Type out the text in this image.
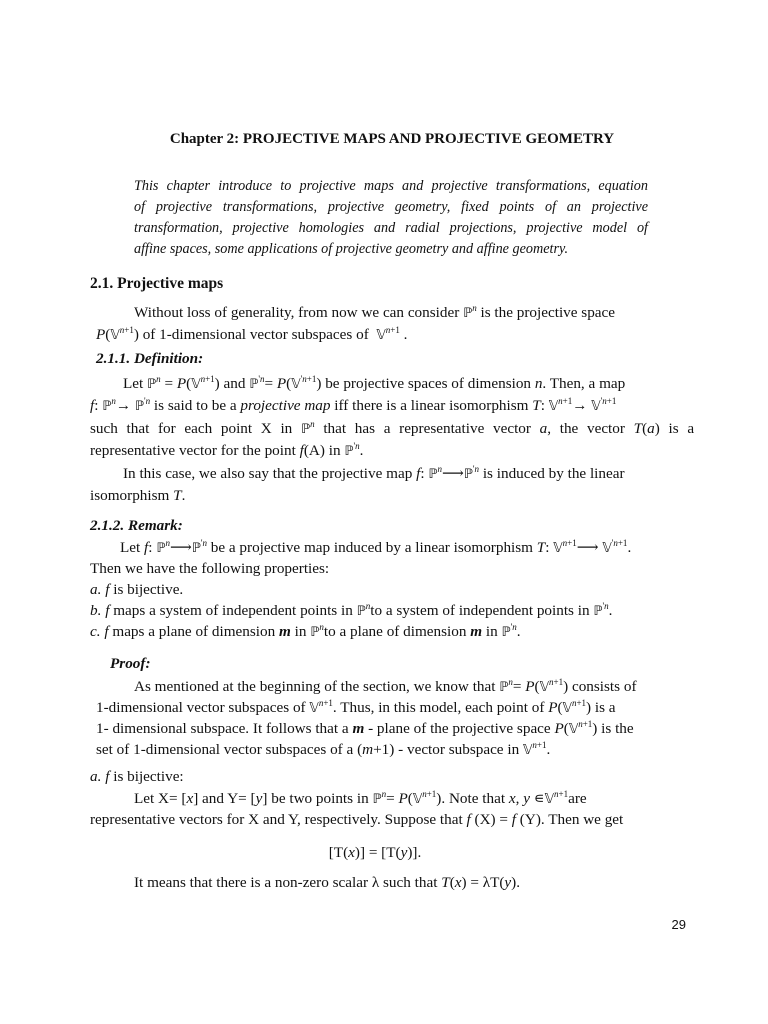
Chapter 2: PROJECTIVE MAPS AND PROJECTIVE GEOMETRY
This chapter introduce to projective maps and projective transformations, equation
of projective transformations, projective geometry, fixed points of an projective
transformation, projective homologies and radial projections, projective model of
affine spaces, some applications of projective geometry and affine geometry.
2.1. Projective maps
Without loss of generality, from now we can consider ℙ$^n$ is the projective space
P(𝕍$^{n+1}$) of 1-dimensional vector subspaces of 𝕍$^{n+1}$ .
2.1.1. Definition:
Let ℙ$^n$ = P(𝕍$^{n+1}$) and ℙ$^{'n}$= P(𝕍$^{'n+1}$) be projective spaces of dimension n. Then, a map
f: ℙ$^n$→ ℙ$^{'n}$ is said to be a projective map iff there is a linear isomorphism T: 𝕍$^{n+1}$→ 𝕍$^{'n+1}$
such that for each point X in ℙ$^n$ that has a representative vector a, the vector T(a) is a
representative vector for the point f(A) in ℙ$^{'n}$.
In this case, we also say that the projective map f: ℙ$^n$⟶ℙ$^{'n}$ is induced by the linear
isomorphism T.
2.1.2. Remark:
Let f: ℙ$^n$⟶ℙ$^{'n}$ be a projective map induced by a linear isomorphism T: 𝕍$^{n+1}$⟶ 𝕍$^{'n+1}$.
Then we have the following properties:
a. f is bijective.
b. f maps a system of independent points in ℙ$^n$to a system of independent points in ℙ$^{'n}$.
c. f maps a plane of dimension m in ℙ$^n$to a plane of dimension m in ℙ$^{'n}$.
Proof:
As mentioned at the beginning of the section, we know that ℙ$^n$= P(𝕍$^{n+1}$) consists of
1-dimensional vector subspaces of 𝕍$^{n+1}$. Thus, in this model, each point of P(𝕍$^{n+1}$) is a
1- dimensional subspace. It follows that a m - plane of the projective space P(𝕍$^{n+1}$) is the
set of 1-dimensional vector subspaces of a (m+1) - vector subspace in 𝕍$^{n+1}$.
a. f is bijective:
Let X= [x] and Y= [y] be two points in ℙ$^n$= P(𝕍$^{n+1}$). Note that x, y ∊𝕍$^{n+1}$are
representative vectors for X and Y, respectively. Suppose that f (X) = f (Y). Then we get
[T(x)] = [T(y)].
It means that there is a non-zero scalar λ such that T(x) = λT(y).
29
